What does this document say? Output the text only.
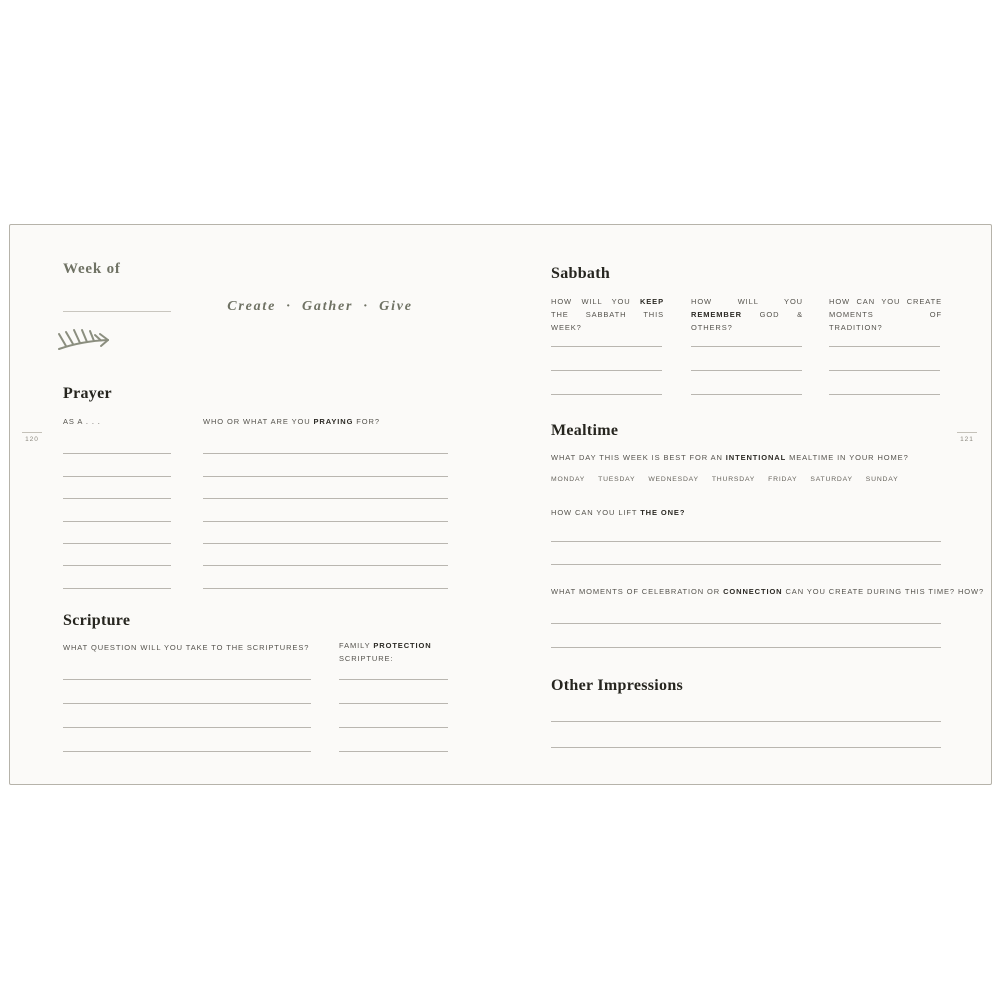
Week of
Create · Gather · Give
Prayer
AS A . . .	WHO OR WHAT ARE YOU PRAYING FOR?
Scripture
WHAT QUESTION WILL YOU TAKE TO THE SCRIPTURES?	FAMILY PROTECTION
SCRIPTURE:
Sabbath
HOW WILL YOU KEEP THE SABBATH THIS WEEK?
HOW WILL YOU REMEMBER GOD & OTHERS?
HOW CAN YOU CREATE MOMENTS OF TRADITION?
Mealtime
WHAT DAY THIS WEEK IS BEST FOR AN INTENTIONAL MEALTIME IN YOUR HOME?
MONDAY TUESDAY WEDNESDAY THURSDAY FRIDAY SATURDAY SUNDAY
HOW CAN YOU LIFT THE ONE?
WHAT MOMENTS OF CELEBRATION OR CONNECTION CAN YOU CREATE DURING THIS TIME? HOW?
Other Impressions
120	121
